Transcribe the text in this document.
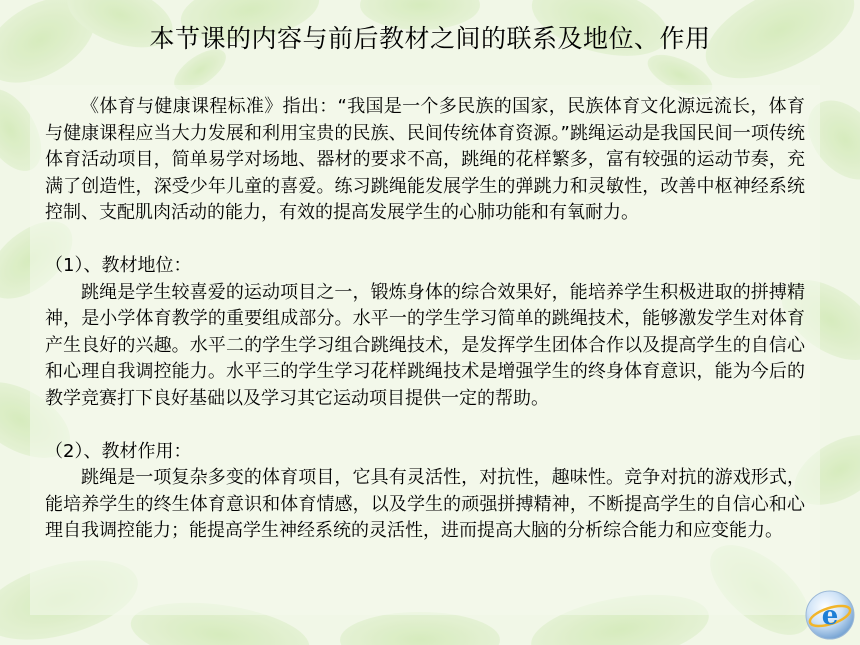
本节课的内容与前后教材之间的联系及地位、作用

《体育与健康课程标准》指出：“我国是一个多民族的国家，民族体育文化源远流长，体育与健康课程应当大力发展和利用宝贵的民族、民间传统体育资源。”跳绳运动是我国民间一项传统体育活动项目，简单易学对场地、器材的要求不高，跳绳的花样繁多，富有较强的运动节奏，充满了创造性，深受少年儿童的喜爱。练习跳绳能发展学生的弹跳力和灵敏性，改善中枢神经系统控制、支配肌肉活动的能力，有效的提高发展学生的心肺功能和有氧耐力。

（1）、教材地位：

跳绳是学生较喜爱的运动项目之一，锻炼身体的综合效果好，能培养学生积极进取的拼搏精神，是小学体育教学的重要组成部分。水平一的学生学习简单的跳绳技术，能够激发学生对体育产生良好的兴趣。水平二的学生学习组合跳绳技术，是发挥学生团体合作以及提高学生的自信心和心理自我调控能力。水平三的学生学习花样跳绳技术是增强学生的终身体育意识，能为今后的教学竞赛打下良好基础以及学习其它运动项目提供一定的帮助。

（2）、教材作用：

跳绳是一项复杂多变的体育项目，它具有灵活性，对抗性，趣味性。竞争对抗的游戏形式，能培养学生的终生体育意识和体育情感，以及学生的顽强拼搏精神，不断提高学生的自信心和心理自我调控能力；能提高学生神经系统的灵活性，进而提高大脑的分析综合能力和应变能力。

e
